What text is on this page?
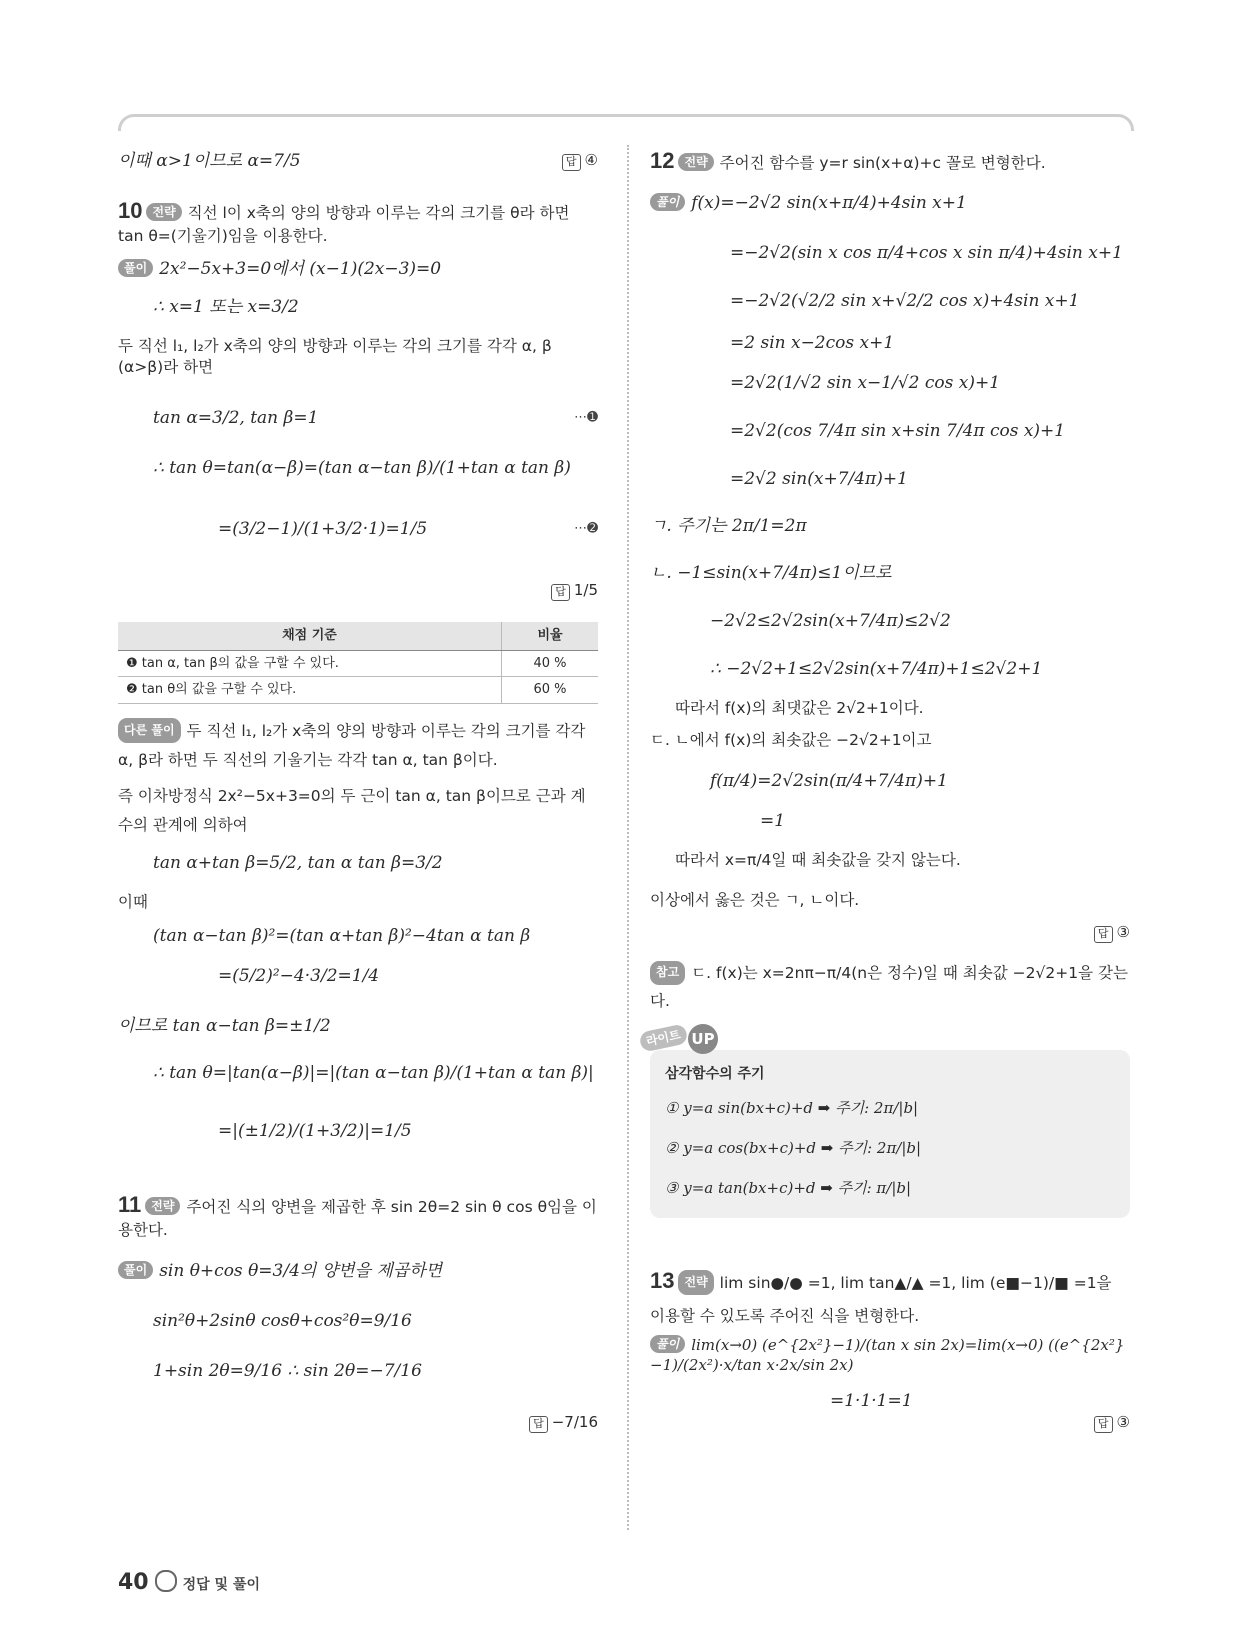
이때 α>1이므로 α=7/5	답 ④
10 전략 직선 l이 x축의 양의 방향과 이루는 각의 크기를 θ라 하면 tan θ=(기울기)임을 이용한다.
풀이 2x²−5x+3=0에서 (x−1)(2x−3)=0
∴ x=1 또는 x=3/2
두 직선 l₁, l₂가 x축의 양의 방향과 이루는 각의 크기를 각각 α, β (α>β)라 하면
tan α=3/2, tan β=1	⋯➊
∴ tan θ=tan(α−β)=(tan α−tan β)/(1+tan α tan β)
=(3/2−1)/(1+3/2·1)=1/5	⋯➋
답 1/5
채점 기준	비율
❶ tan α, tan β의 값을 구할 수 있다.	40 %
❷ tan θ의 값을 구할 수 있다.	60 %
다른 풀이 두 직선 l₁, l₂가 x축의 양의 방향과 이루는 각의 크기를 각각 α, β라 하면 두 직선의 기울기는 각각 tan α, tan β이다.
즉 이차방정식 2x²−5x+3=0의 두 근이 tan α, tan β이므로 근과 계수의 관계에 의하여
tan α+tan β=5/2, tan α tan β=3/2
이때
(tan α−tan β)²=(tan α+tan β)²−4tan α tan β
=(5/2)²−4·3/2=1/4
이므로 tan α−tan β=±1/2
∴ tan θ=|tan(α−β)|=|(tan α−tan β)/(1+tan α tan β)|
=|(±1/2)/(1+3/2)|=1/5
11 전략 주어진 식의 양변을 제곱한 후 sin 2θ=2 sin θ cos θ임을 이용한다.
풀이 sin θ+cos θ=3/4의 양변을 제곱하면
sin²θ+2sinθ cosθ+cos²θ=9/16
1+sin 2θ=9/16 ∴ sin 2θ=−7/16
답 −7/16
12 전략 주어진 함수를 y=r sin(x+α)+c 꼴로 변형한다.
풀이 f(x)=−2√2 sin(x+π/4)+4sin x+1
=−2√2(sin x cos π/4+cos x sin π/4)+4sin x+1
=−2√2(√2/2 sin x+√2/2 cos x)+4sin x+1
=2 sin x−2cos x+1
=2√2(1/√2 sin x−1/√2 cos x)+1
=2√2(cos 7/4π sin x+sin 7/4π cos x)+1
=2√2 sin(x+7/4π)+1
ㄱ. 주기는 2π/1=2π
ㄴ. −1≤sin(x+7/4π)≤1이므로
−2√2≤2√2sin(x+7/4π)≤2√2
∴ −2√2+1≤2√2sin(x+7/4π)+1≤2√2+1
따라서 f(x)의 최댓값은 2√2+1이다.
ㄷ. ㄴ에서 f(x)의 최솟값은 −2√2+1이고
f(π/4)=2√2sin(π/4+7/4π)+1
=1
따라서 x=π/4일 때 최솟값을 갖지 않는다.
이상에서 옳은 것은 ㄱ, ㄴ이다.
답 ③
참고 ㄷ. f(x)는 x=2nπ−π/4(n은 정수)일 때 최솟값 −2√2+1을 갖는다.
라이트 UP
삼각함수의 주기
① y=a sin(bx+c)+d ➡ 주기: 2π/|b|
② y=a cos(bx+c)+d ➡ 주기: 2π/|b|
③ y=a tan(bx+c)+d ➡ 주기: π/|b|
13 전략 lim sin●/● =1, lim tan▲/▲ =1, lim (e■−1)/■ =1을 이용할 수 있도록 주어진 식을 변형한다.
풀이 lim(x→0) (e^{2x²}−1)/(tan x sin 2x)=lim(x→0) ((e^{2x²}−1)/(2x²)·x/tan x·2x/sin 2x)
=1·1·1=1
답 ③
40 정답 및 풀이
